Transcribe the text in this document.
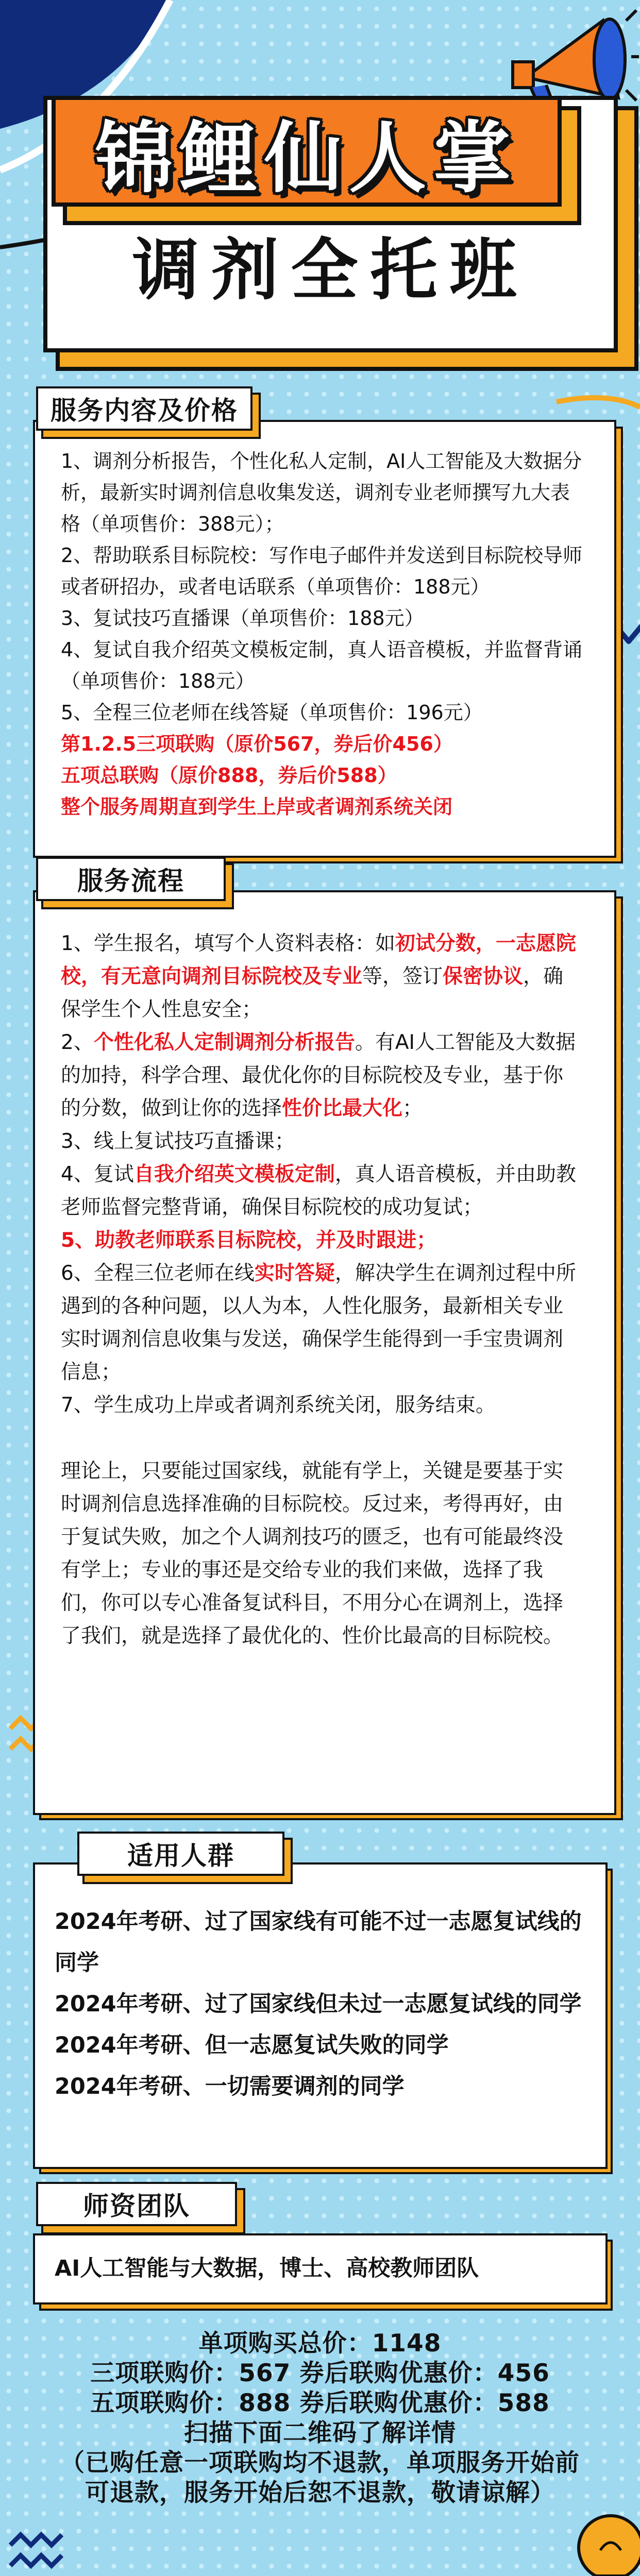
锦鲤仙人掌
调剂全托班
服务内容及价格

1、调剂分析报告，个性化私人定制，AI人工智能及大数据分析，最新实时调剂信息收集发送，调剂专业老师撰写九大表格（单项售价：388元）；

2、帮助联系目标院校：写作电子邮件并发送到目标院校导师或者研招办，或者电话联系（单项售价：188元）

3、复试技巧直播课（单项售价：188元）

4、复试自我介绍英文模板定制，真人语音模板，并监督背诵（单项售价：188元）

5、全程三位老师在线答疑（单项售价：196元）

第1.2.5三项联购（原价567，券后价456）

五项总联购（原价888，券后价588）

整个服务周期直到学生上岸或者调剂系统关闭

服务流程

1、学生报名，填写个人资料表格：如初试分数，一志愿院校，有无意向调剂目标院校及专业等，签订保密协议，确保学生个人性息安全；

2、个性化私人定制调剂分析报告。有AI人工智能及大数据的加持，科学合理、最优化你的目标院校及专业，基于你的分数，做到让你的选择性价比最大化；

3、线上复试技巧直播课；

4、复试自我介绍英文模板定制，真人语音模板，并由助教老师监督完整背诵，确保目标院校的成功复试；

5、助教老师联系目标院校，并及时跟进；

6、全程三位老师在线实时答疑，解决学生在调剂过程中所遇到的各种问题，以人为本，人性化服务，最新相关专业实时调剂信息收集与发送，确保学生能得到一手宝贵调剂信息；

7、学生成功上岸或者调剂系统关闭，服务结束。

理论上，只要能过国家线，就能有学上，关键是要基于实时调剂信息选择准确的目标院校。反过来，考得再好，由于复试失败，加之个人调剂技巧的匮乏，也有可能最终没有学上；专业的事还是交给专业的我们来做，选择了我们，你可以专心准备复试科目，不用分心在调剂上，选择了我们，就是选择了最优化的、性价比最高的目标院校。

适用人群

2024年考研、过了国家线有可能不过一志愿复试线的同学

2024年考研、过了国家线但未过一志愿复试线的同学

2024年考研、但一志愿复试失败的同学

2024年考研、一切需要调剂的同学

师资团队
AI人工智能与大数据，博士、高校教师团队
单项购买总价：1148
三项联购价：567 券后联购优惠价：456
五项联购价：888 券后联购优惠价：588
扫描下面二维码了解详情
（已购任意一项联购均不退款，单项服务开始前
可退款，服务开始后恕不退款，敬请谅解）
